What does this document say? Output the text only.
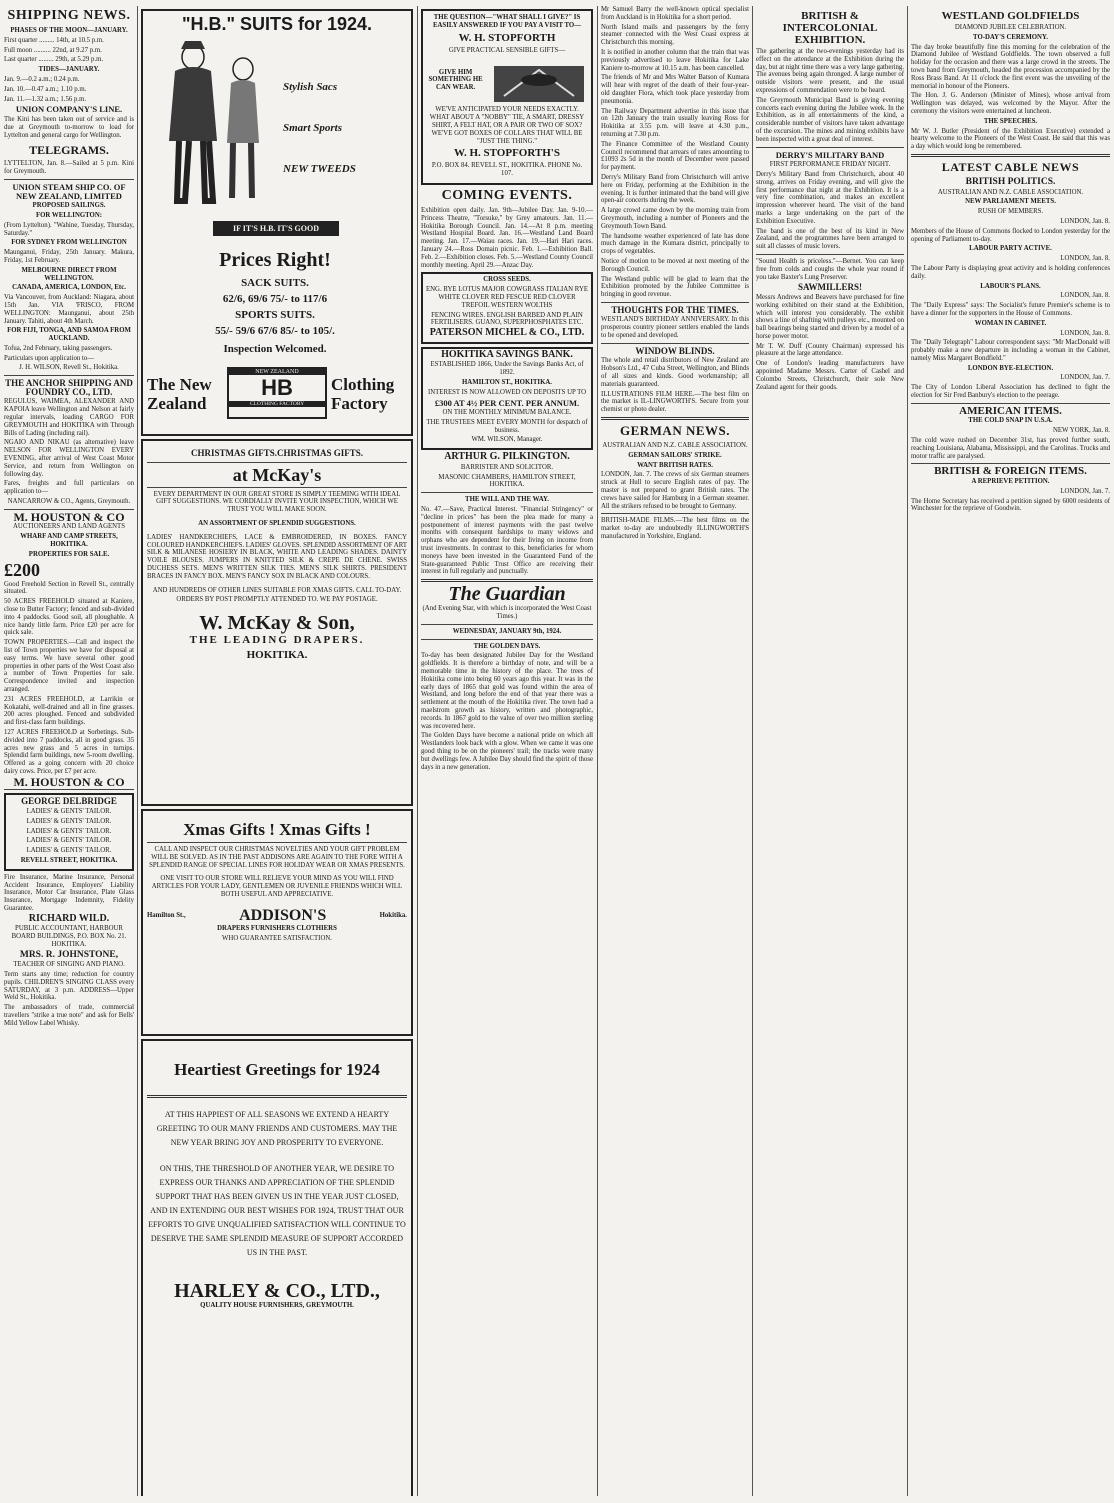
SHIPPING NEWS.

PHASES OF THE MOON—JANUARY.

First quarter ......... 14th, at 10.5 p.m.

Full moon .......... 22nd, at 9.27 p.m.

Last quarter ......... 29th, at 5.29 p.m.

TIDES—JANUARY.

Jan. 9.—0.2 a.m.; 0.24 p.m.

Jan. 10.—0.47 a.m.; 1.10 p.m.

Jan. 11.—1.32 a.m.; 1.56 p.m.

UNION COMPANY'S LINE.

The Kini has been taken out of service and is due at Greymouth to-morrow to load for Lyttelton and general cargo for Wellington.

TELEGRAMS.

LYTTELTON, Jan. 8.—Sailed at 5 p.m. Kini for Greymouth.

UNION STEAM SHIP CO. OF NEW ZEALAND, LIMITED

PROPOSED SAILINGS.

FOR WELLINGTON:

(From Lyttelton). "Wahine, Tuesday, Thursday, Saturday."

FOR SYDNEY FROM WELLINGTON

Maunganui, Friday, 25th January. Makura, Friday, 1st February.

MELBOURNE DIRECT FROM WELLINGTON.

CANADA, AMERICA, LONDON, Etc.

Via Vancouver, from Auckland: Niagara, about 15th Jan. VIA 'FRISCO, FROM WELLINGTON: Maunganui, about 25th January. Tahiti, about 4th March.

FOR FIJI, TONGA, AND SAMOA FROM AUCKLAND.

Tofua, 2nd February, taking passengers.

Particulars upon application to—

J. H. WILSON, Revell St., Hokitika.

THE ANCHOR SHIPPING AND FOUNDRY CO., LTD.

REGULUS, WAIMEA, ALEXANDER AND KAPOIA leave Wellington and Nelson at fairly regular intervals, loading CARGO FOR GREYMOUTH and HOKITIKA with Through Bills of Lading (including rail).

NGAIO AND NIKAU (as alternative) leave NELSON FOR WELLINGTON EVERY EVENING, after arrival of West Coast Motor Service, and return from Wellington on following day.

Fares, freights and full particulars on application to—

NANCARROW & CO., Agents, Greymouth.

M. HOUSTON & CO

AUCTIONEERS AND LAND AGENTS

WHARF AND CAMP STREETS, HOKITIKA.

PROPERTIES FOR SALE.

£200

Good Freehold Section in Revell St., centrally situated.

50 ACRES FREEHOLD situated at Kaniere, close to Butter Factory; fenced and sub-divided into 4 paddocks. Good soil, all ploughable. A nice handy little farm. Price £20 per acre for quick sale.

TOWN PROPERTIES.—Call and inspect the list of Town properties we have for disposal at easy terms. We have several other good properties in other parts of the West Coast also a number of Town Properties for sale. Correspondence invited and inspection arranged.

231 ACRES FREEHOLD, at Larrikin or Kokatahi, well-drained and all in fine grasses. 200 acres ploughed. Fenced and subdivided and first-class farm buildings.

127 ACRES FREEHOLD at Sorbetings. Sub-divided into 7 paddocks, all in good grass. 35 acres new grass and 5 acres in turnips. Splendid farm buildings, new 5-room dwelling. Offered as a going concern with 20 choice dairy cows. Price, per £7 per acre.

M. HOUSTON & CO

GEORGE DELBRIDGE

LADIES' & GENTS' TAILOR.

LADIES' & GENTS' TAILOR.

LADIES' & GENTS' TAILOR.

LADIES' & GENTS' TAILOR.

LADIES' & GENTS' TAILOR.

REVELL STREET, HOKITIKA.

Fire Insurance, Marine Insurance, Personal Accident Insurance, Employers' Liability Insurance, Motor Car Insurance, Plate Glass Insurance, Mortgage Indemnity, Fidelity Guarantee.

RICHARD WILD.

PUBLIC ACCOUNTANT, HARBOUR BOARD BUILDINGS, P.O. BOX No. 21. HOKITIKA.

MRS. R. JOHNSTONE,

TEACHER OF SINGING AND PIANO.

Term starts any time; reduction for country pupils. CHILDREN'S SINGING CLASS every SATURDAY, at 3 p.m. ADDRESS—Upper Weld St., Hokitika.

The ambassadors of trade, commercial travellers "strike a true note" and ask for Bells' Mild Yellow Label Whisky.

"H.B." SUITS for 1924.

Stylish Sacs

Smart Sports

NEW TWEEDS

IF IT'S H.B. IT'S GOOD

Prices Right!

SACK SUITS.

62/6, 69/6 75/- to 117/6

SPORTS SUITS.

55/- 59/6 67/6 85/- to 105/.

Inspection Welcomed.

The New Zealand
NEW ZEALAND
HB
CLOTHING FACTORY
Clothing Factory

CHRISTMAS GIFTS.CHRISTMAS GIFTS.

at McKay's

EVERY DEPARTMENT IN OUR GREAT STORE IS SIMPLY TEEMING WITH IDEAL GIFT SUGGESTIONS. WE CORDIALLY INVITE YOUR INSPECTION, WHICH WE TRUST YOU WILL MAKE SOON.

AN ASSORTMENT OF SPLENDID SUGGESTIONS.

LADIES' HANDKERCHIEFS, LACE & EMBROIDERED, IN BOXES. FANCY COLOURED HANDKERCHIEFS. LADIES' GLOVES. SPLENDID ASSORTMENT OF ART SILK & MILANESE HOSIERY IN BLACK, WHITE AND LEADING SHADES. DAINTY VOILE BLOUSES. JUMPERS IN KNITTED SILK & CREPE DE CHENE. SWISS DUCHESS SETS. MEN'S WRITTEN SILK TIES. MEN'S SILK SHIRTS. PRESIDENT BRACES IN FANCY BOX. MEN'S FANCY SOX IN BLACK AND COLOURS.

AND HUNDREDS OF OTHER LINES SUITABLE FOR XMAS GIFTS. CALL TO-DAY.

ORDERS BY POST PROMPTLY ATTENDED TO. WE PAY POSTAGE.

W. McKay & Son,

THE LEADING DRAPERS.

HOKITIKA.

Xmas Gifts ! Xmas Gifts !

CALL AND INSPECT OUR CHRISTMAS NOVELTIES AND YOUR GIFT PROBLEM WILL BE SOLVED. AS IN THE PAST ADDISONS ARE AGAIN TO THE FORE WITH A SPLENDID RANGE OF SPECIAL LINES FOR HOLIDAY WEAR OR XMAS PRESENTS.

ONE VISIT TO OUR STORE WILL RELIEVE YOUR MIND AS YOU WILL FIND ARTICLES FOR YOUR LADY, GENTLEMEN OR JUVENILE FRIENDS WHICH WILL BOTH USEFUL AND APPRECIATIVE.

Hamilton St.,	ADDISON'S	Hokitika.

DRAPERS FURNISHERS CLOTHIERS

WHO GUARANTEE SATISFACTION.

Heartiest Greetings for 1924

AT THIS HAPPIEST OF ALL SEASONS WE EXTEND A HEARTY GREETING TO OUR MANY FRIENDS AND CUSTOMERS. MAY THE NEW YEAR BRING JOY AND PROSPERITY TO EVERYONE.

ON THIS, THE THRESHOLD OF ANOTHER YEAR, WE DESIRE TO EXPRESS OUR THANKS AND APPRECIATION OF THE SPLENDID SUPPORT THAT HAS BEEN GIVEN US IN THE YEAR JUST CLOSED, AND IN EXTENDING OUR BEST WISHES FOR 1924, TRUST THAT OUR EFFORTS TO GIVE UNQUALIFIED SATISFACTION WILL CONTINUE TO DESERVE THE SAME SPLENDID MEASURE OF SUPPORT ACCORDED US IN THE PAST.

HARLEY & CO., LTD.,

QUALITY HOUSE FURNISHERS, GREYMOUTH.

THE QUESTION—"WHAT SHALL I GIVE?" IS EASILY ANSWERED IF YOU PAY A VISIT TO—

W. H. STOPFORTH

GIVE PRACTICAL SENSIBLE GIFTS—

GIVE HIM SOMETHING HE CAN WEAR.

WE'VE ANTICIPATED YOUR NEEDS EXACTLY. WHAT ABOUT A "NOBBY" TIE, A SMART, DRESSY SHIRT, A FELT HAT, OR A PAIR OR TWO OF SOX? WE'VE GOT BOXES OF COLLARS THAT WILL BE "JUST THE THING."

W. H. STOPFORTH'S

P.O. BOX 84. REVELL ST., HOKITIKA. PHONE No. 107.

COMING EVENTS.

Exhibition open daily. Jan. 9th—Jubilee Day. Jan. 9-10.—Princess Theatre, "Torsuke," by Grey amateurs. Jan. 11.—Hokitika Borough Council. Jan. 14.—At 8 p.m. meeting Westland Hospital Board. Jan. 16.—Westland Land Board meeting. Jan. 17.—Waiau races. Jan. 19.—Hari Hari races. January 24.—Ross Domain picnic. Feb. 1.—Exhibition Ball. Feb. 2.—Exhibition closes. Feb. 5.—Westland County Council monthly meeting. April 29.—Anzac Day.

CROSS SEEDS.

ENG. RYE LOTUS MAJOR COWGRASS ITALIAN RYE WHITE CLOVER RED FESCUE RED CLOVER TREFOIL WESTERN WOLTHS

FENCING WIRES. ENGLISH BARBED AND PLAIN FERTILISERS. GUANO, SUPERPHOSPHATES ETC.

PATERSON MICHEL & CO., LTD.

HOKITIKA SAVINGS BANK.

ESTABLISHED 1866, Under the Savings Banks Act, of 1892.

HAMILTON ST., HOKITIKA.

INTEREST IS NOW ALLOWED ON DEPOSITS UP TO

£300 AT 4½ PER CENT. PER ANNUM.

ON THE MONTHLY MINIMUM BALANCE.

THE TRUSTEES MEET EVERY MONTH for despatch of business.

WM. WILSON, Manager.

ARTHUR G. PILKINGTON.

BARRISTER AND SOLICITOR.

MASONIC CHAMBERS, HAMILTON STREET, HOKITIKA.

THE WILL AND THE WAY.

No. 47.—Save, Practical Interest. "Financial Stringency" or "decline in prices" has been the plea made for many a postponement of interest payments with the past twelve months with consequent hardships to many widows and orphans who are dependent for their living on income from trust investments. In contrast to this, beneficiaries for whom moneys have been invested in the Guaranteed Fund of the State-guaranteed Public Trust Office are receiving their interest in full regularly and punctually.

The Guardian

(And Evening Star, with which is incorporated the West Coast Times.)

WEDNESDAY, JANUARY 9th, 1924.

THE GOLDEN DAYS.

To-day has been designated Jubilee Day for the Westland goldfields. It is therefore a birthday of note, and will be a memorable time in the history of the place. The trees of Hokitika come into being 60 years ago this year. It was in the early days of 1865 that gold was found within the area of Westland, and long before the end of that year there was a settlement at the mouth of the Hokitika river. The town had a maelstrom growth as history, written and photographic, records. In 1867 gold to the value of over two million sterling was recovered here.

The Golden Days have become a national pride on which all Westlanders look back with a glow. When we came it was one good thing to be on the pioneers' trail; the tracks were many but dwellings few. A Jubilee Day should find the spirit of those days in a new generation.

Mr Samuel Barry the well-known optical specialist from Auckland is in Hokitika for a short period.

North Island mails and passengers by the ferry steamer connected with the West Coast express at Christchurch this morning.

It is notified in another column that the train that was previously advertised to leave Hokitika for Lake Kaniere to-morrow at 10.15 a.m. has been cancelled.

The friends of Mr and Mrs Walter Batson of Kumara will hear with regret of the death of their four-year-old daughter Flora, which took place yesterday from pneumonia.

The Railway Department advertise in this issue that on 12th January the train usually leaving Ross for Hokitika at 3.55 p.m. will leave at 4.30 p.m., returning at 7.30 p.m.

The Finance Committee of the Westland County Council recommend that arrears of rates amounting to £1093 2s 5d in the month of December were passed for payment.

Derry's Military Band from Christchurch will arrive here on Friday, performing at the Exhibition in the evening. It is further intimated that the band will give open-air concerts during the week.

A large crowd came down by the morning train from Greymouth, including a number of Pioneers and the Greymouth Town Band.

The handsome weather experienced of late has done much damage in the Kumara district, principally to crops of vegetables.

Notice of motion to be moved at next meeting of the Borough Council.

The Westland public will be glad to learn that the Exhibition promoted by the Jubilee Committee is bringing in good revenue.

THOUGHTS FOR THE TIMES.

WESTLAND'S BIRTHDAY ANNIVERSARY. In this prosperous country pioneer settlers enabled the lands to be opened and developed.

WINDOW BLINDS.

The whole and retail distributors of New Zealand are Hobson's Ltd., 47 Cuba Street, Wellington, and Blinds of all sizes and kinds. Good workmanship; all materials guaranteed.

ILLUSTRATIONS FILM HERE.—The best film on the market is IL-LINGWORTH'S. Secure from your chemist or photo dealer.

GERMAN NEWS.

AUSTRALIAN AND N.Z. CABLE ASSOCIATION.

GERMAN SAILORS' STRIKE.

WANT BRITISH RATES.

LONDON, Jan. 7. The crews of six German steamers struck at Hull to secure English rates of pay. The master is not prepared to grant British rates. The crews have sailed for Hamburg in a German steamer. All the strikers refused to be brought to Germany.

BRITISH-MADE FILMS.—The best films on the market to-day are undoubtedly ILLINGWORTH'S manufactured in Yorkshire, England.

BRITISH & INTERCOLONIAL EXHIBITION.

The gathering at the two-evenings yesterday had its effect on the attendance at the Exhibition during the day, but at night time there was a very large gathering. The avenues being again thronged. A large number of outside visitors were present, and the usual expressions of commendation were to be heard.

The Greymouth Municipal Band is giving evening concerts each evening during the Jubilee week. In the Exhibition, as in all entertainments of the kind, a considerable number of visitors have taken advantage of the excursion. The mines and mining exhibits have been inspected with a great deal of interest.

DERRY'S MILITARY BAND

FIRST PERFORMANCE FRIDAY NIGHT.

Derry's Military Band from Christchurch, about 40 strong, arrives on Friday evening, and will give the first performance that night at the Exhibition. It is a very fine combination, and makes an excellent impression wherever heard. The visit of the band marks a large undertaking on the part of the Exhibition Executive.

The band is one of the best of its kind in New Zealand, and the programmes have been arranged to suit all classes of music lovers.

"Sound Health is priceless."—Bernet. You can keep free from colds and coughs the whole year round if you take Baxter's Lung Preserver.

SAWMILLERS!

Messrs Andrews and Beavers have purchased for fine working exhibited on their stand at the Exhibition, which will interest you considerably. The exhibit shows a line of shafting with pulleys etc., mounted on ball bearings being started and driven by a model of a horse power motor.

Mr T. W. Duff (County Chairman) expressed his pleasure at the large attendance.

One of London's leading manufacturers have appointed Madame Messrs. Carter of Cashel and Colombo Streets, Christchurch, their sole New Zealand agent for their goods.

WESTLAND GOLDFIELDS

DIAMOND JUBILEE CELEBRATION.

TO-DAY'S CEREMONY.

The day broke beautifully fine this morning for the celebration of the Diamond Jubilee of Westland Goldfields. The town observed a full holiday for the occasion and there was a large crowd in the streets. The town band from Greymouth, headed the procession accompanied by the Ross Brass Band. At 11 o'clock the first event was the unveiling of the memorial in honour of the Pioneers.

The Hon. J. G. Anderson (Minister of Mines), whose arrival from Wellington was delayed, was welcomed by the Mayor. After the ceremony the visitors were entertained at luncheon.

THE SPEECHES.

Mr W. J. Butler (President of the Exhibition Executive) extended a hearty welcome to the Pioneers of the West Coast. He said that this was a day which would long be remembered.

LATEST CABLE NEWS

BRITISH POLITICS.

AUSTRALIAN AND N.Z. CABLE ASSOCIATION.

NEW PARLIAMENT MEETS.

RUSH OF MEMBERS.

LONDON, Jan. 8.

Members of the House of Commons flocked to London yesterday for the opening of Parliament to-day.

LABOUR PARTY ACTIVE.

LONDON, Jan. 8.

The Labour Party is displaying great activity and is holding conferences daily.

LABOUR'S PLANS.

LONDON, Jan. 8.

The "Daily Express" says: The Socialist's future Premier's scheme is to have a dinner for the supporters in the House of Commons.

WOMAN IN CABINET.

LONDON, Jan. 8.

The "Daily Telegraph" Labour correspondent says: "Mr MacDonald will probably make a new departure in including a woman in the Cabinet, namely Miss Margaret Bondfield."

LONDON BYE-ELECTION.

LONDON, Jan. 7.

The City of London Liberal Association has declined to fight the election for Sir Fred Banbury's election to the peerage.

AMERICAN ITEMS.

THE COLD SNAP IN U.S.A.

NEW YORK, Jan. 8.

The cold wave rushed on December 31st, has proved further south, reaching Louisiana, Alabama, Mississippi, and the Carolinas. Trucks and motor traffic are paralysed.

BRITISH & FOREIGN ITEMS.

A REPRIEVE PETITION.

LONDON, Jan. 7.

The Home Secretary has received a petition signed by 6000 residents of Winchester for the reprieve of Goodwin.
